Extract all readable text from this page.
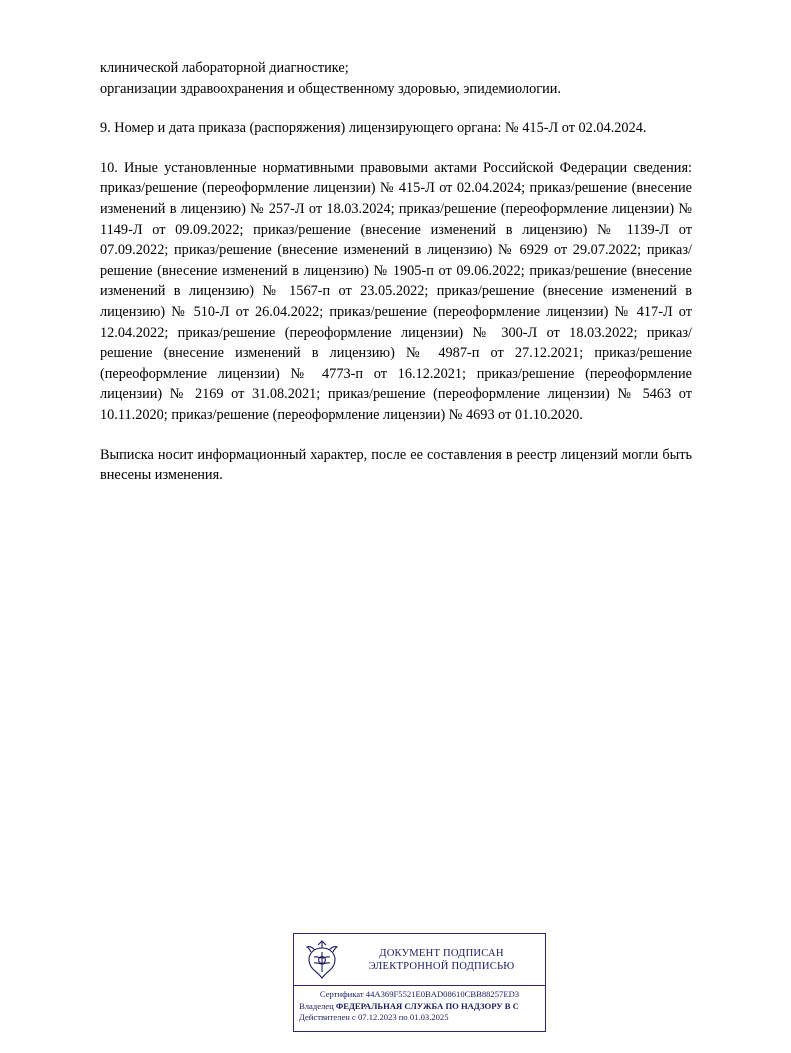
клинической лабораторной диагностике;

организации здравоохранения и общественному здоровью, эпидемиологии.

9. Номер и дата приказа (распоряжения) лицензирующего органа: № 415-Л от 02.04.2024.

10. Иные установленные нормативными правовыми актами Российской Федерации сведения: приказ/решение (переоформление лицензии) № 415-Л от 02.04.2024; приказ/решение (внесение изменений в лицензию) № 257-Л от 18.03.2024; приказ/решение (переоформление лицензии) № 1149-Л от 09.09.2022; приказ/решение (внесение изменений в лицензию) № 1139-Л от 07.09.2022; приказ/решение (внесение изменений в лицензию) № 6929 от 29.07.2022; приказ/решение (внесение изменений в лицензию) № 1905-п от 09.06.2022; приказ/решение (внесение изменений в лицензию) № 1567-п от 23.05.2022; приказ/решение (внесение изменений в лицензию) № 510-Л от 26.04.2022; приказ/решение (переоформление лицензии) № 417-Л от 12.04.2022; приказ/решение (переоформление лицензии) № 300-Л от 18.03.2022; приказ/решение (внесение изменений в лицензию) № 4987-п от 27.12.2021; приказ/решение (переоформление лицензии) № 4773-п от 16.12.2021; приказ/решение (переоформление лицензии) № 2169 от 31.08.2021; приказ/решение (переоформление лицензии) № 5463 от 10.11.2020; приказ/решение (переоформление лицензии) № 4693 от 01.10.2020.

Выписка носит информационный характер, после ее составления в реестр лицензий могли быть внесены изменения.

ДОКУМЕНТ ПОДПИСАН
ЭЛЕКТРОННОЙ ПОДПИСЬЮ
Сертификат 44A369F5521E0BAD08610CBB88257ED3
Владелец ФЕДЕРАЛЬНАЯ СЛУЖБА ПО НАДЗОРУ В С
Действителен с 07.12.2023 по 01.03.2025
